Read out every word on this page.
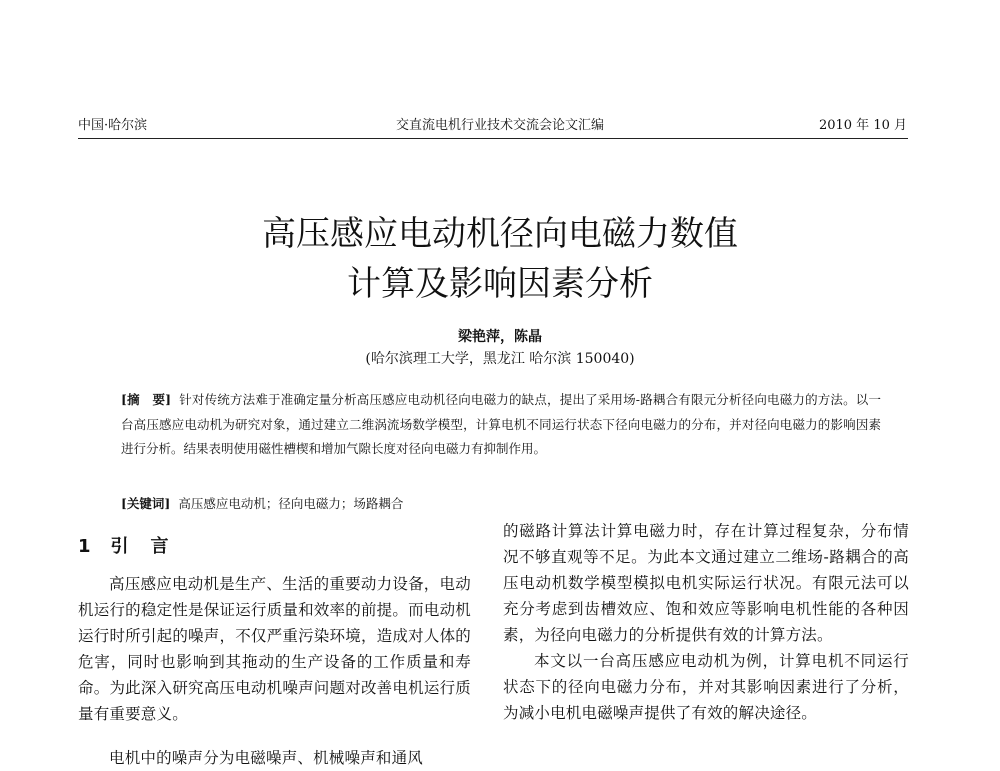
中国·哈尔滨	交直流电机行业技术交流会论文汇编	2010 年 10 月
高压感应电动机径向电磁力数值
计算及影响因素分析
梁艳萍，陈晶
(哈尔滨理工大学，黑龙江 哈尔滨 150040)
[摘　要] 针对传统方法难于准确定量分析高压感应电动机径向电磁力的缺点，提出了采用场-路耦合有限元分析径向电磁力的方法。以一台高压感应电动机为研究对象，通过建立二维涡流场数学模型，计算电机不同运行状态下径向电磁力的分布，并对径向电磁力的影响因素进行分析。结果表明使用磁性槽楔和增加气隙长度对径向电磁力有抑制作用。
[关键词] 高压感应电动机；径向电磁力；场路耦合
1 引　言

高压感应电动机是生产、生活的重要动力设备，电动机运行的稳定性是保证运行质量和效率的前提。而电动机运行时所引起的噪声，不仅严重污染环境，造成对人体的危害，同时也影响到其拖动的生产设备的工作质量和寿命。为此深入研究高压电动机噪声问题对改善电机运行质量有重要意义。

电机中的噪声分为电磁噪声、机械噪声和通风

的磁路计算法计算电磁力时，存在计算过程复杂，分布情况不够直观等不足。为此本文通过建立二维场-路耦合的高压电动机数学模型模拟电机实际运行状况。有限元法可以充分考虑到齿槽效应、饱和效应等影响电机性能的各种因素，为径向电磁力的分析提供有效的计算方法。

本文以一台高压感应电动机为例，计算电机不同运行状态下的径向电磁力分布，并对其影响因素进行了分析，为减小电机电磁噪声提供了有效的解决途径。
